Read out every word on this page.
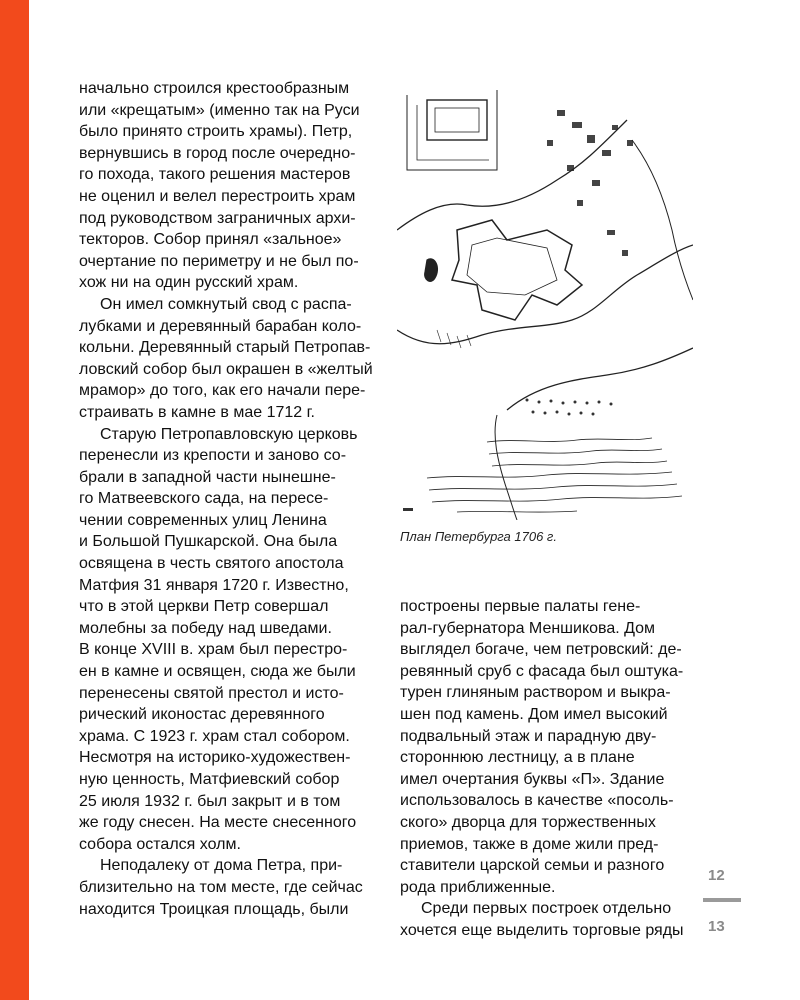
начально строился крестообразным
или «крещатым» (именно так на Руси
было принято строить храмы). Петр,
вернувшись в город после очередно-
го похода, такого решения мастеров
не оценил и велел перестроить храм
под руководством заграничных архи-
текторов. Собор принял «зальное»
очертание по периметру и не был по-
хож ни на один русский храм.

Он имел сомкнутый свод с распа-
лубками и деревянный барабан коло-
кольни. Деревянный старый Петропав-
ловский собор был окрашен в «желтый
мрамор» до того, как его начали пере-
страивать в камне в мае 1712 г.

Старую Петропавловскую церковь
перенесли из крепости и заново со-
брали в западной части нынешне-
го Матвеевского сада, на пересе-
чении современных улиц Ленина
и Большой Пушкарской. Она была
освящена в честь святого апостола
Матфия 31 января 1720 г. Известно,
что в этой церкви Петр совершал
молебны за победу над шведами.
В конце XVIII в. храм был перестро-
ен в камне и освящен, сюда же были
перенесены святой престол и исто-
рический иконостас деревянного
храма. С 1923 г. храм стал собором.
Несмотря на историко-художествен-
ную ценность, Матфиевский собор
25 июля 1932 г. был закрыт и в том
же году снесен. На месте снесенного
собора остался холм.

Неподалеку от дома Петра, при-
близительно на том месте, где сейчас
находится Троицкая площадь, были

План Петербурга 1706 г.

построены первые палаты гене-
рал-губернатора Меншикова. Дом
выглядел богаче, чем петровский: де-
ревянный сруб с фасада был оштука-
турен глиняным раствором и выкра-
шен под камень. Дом имел высокий
подвальный этаж и парадную дву-
стороннюю лестницу, а в плане
имел очертания буквы «П». Здание
использовалось в качестве «посоль-
ского» дворца для торжественных
приемов, также в доме жили пред-
ставители царской семьи и разного
рода приближенные.

Среди первых построек отдельно
хочется еще выделить торговые ряды

12
13
